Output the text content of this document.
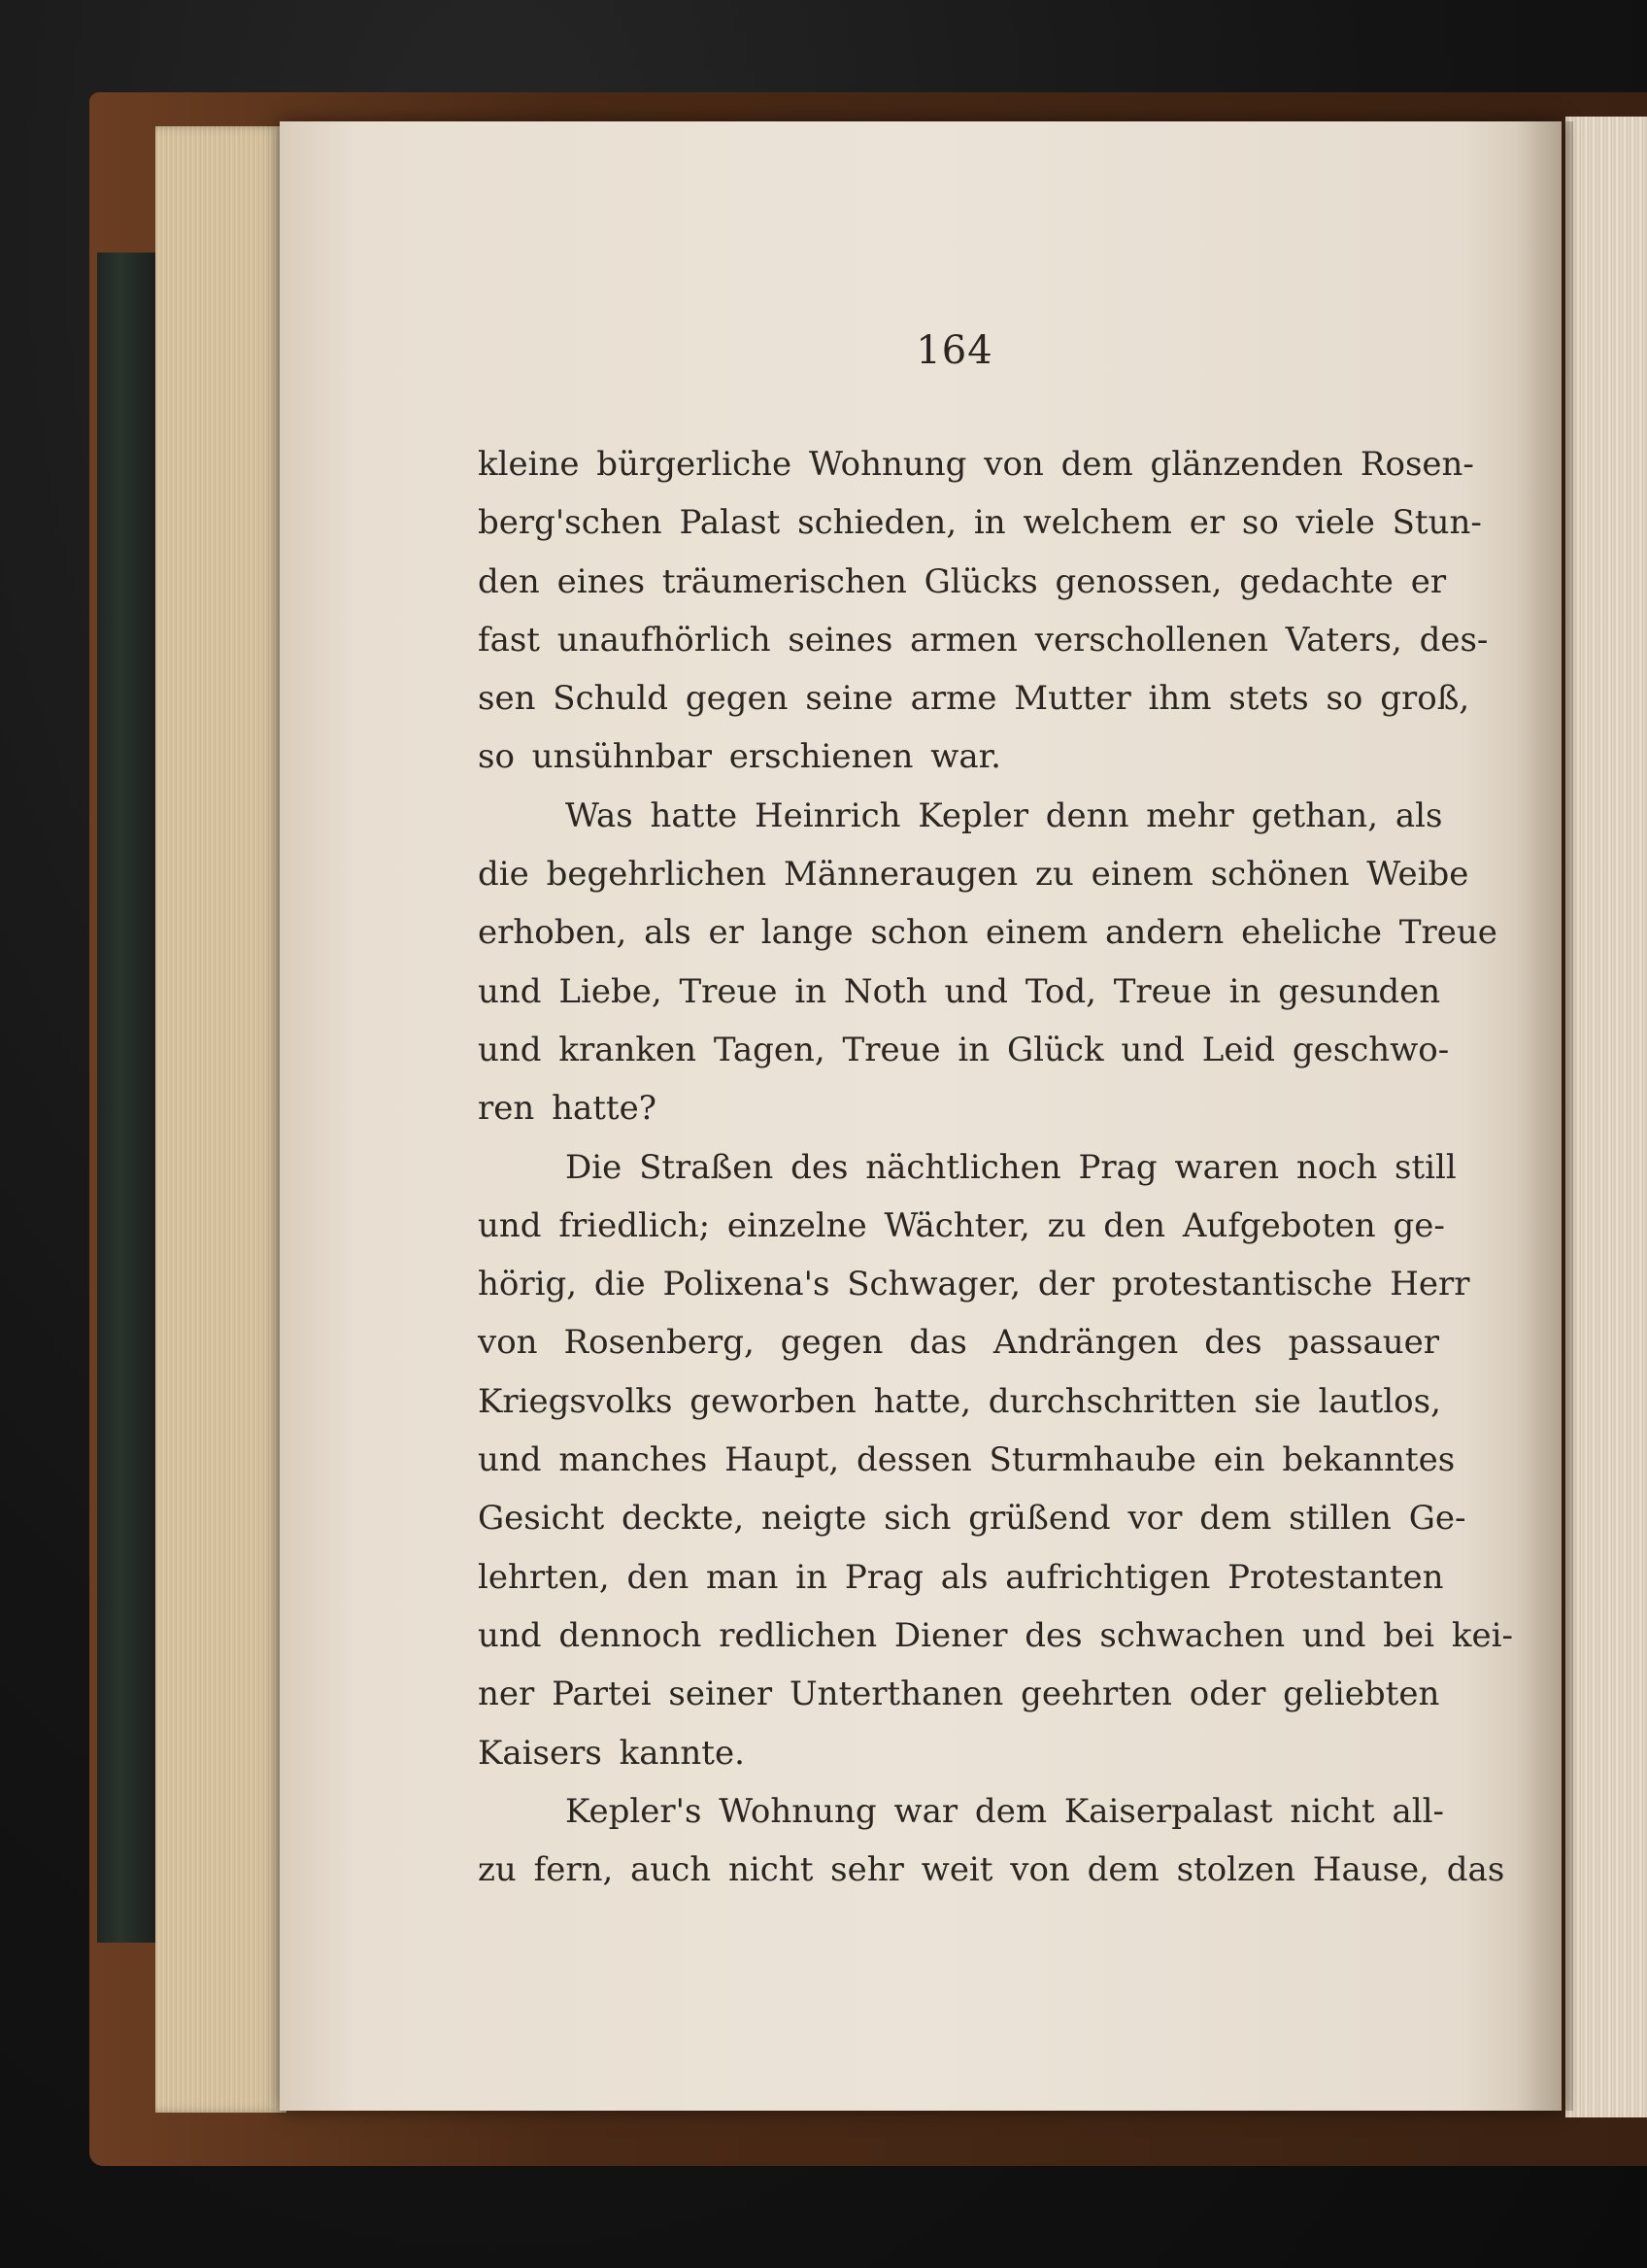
164
kleine bürgerliche Wohnung von dem glänzenden Rosen-
berg'schen Palast schieden, in welchem er so viele Stun-
den eines träumerischen Glücks genossen, gedachte er
fast unaufhörlich seines armen verschollenen Vaters, des-
sen Schuld gegen seine arme Mutter ihm stets so groß,
so unsühnbar erschienen war.
Was hatte Heinrich Kepler denn mehr gethan, als
die begehrlichen Männeraugen zu einem schönen Weibe
erhoben, als er lange schon einem andern eheliche Treue
und Liebe, Treue in Noth und Tod, Treue in gesunden
und kranken Tagen, Treue in Glück und Leid geschwo-
ren hatte?
Die Straßen des nächtlichen Prag waren noch still
und friedlich; einzelne Wächter, zu den Aufgeboten ge-
hörig, die Polixena's Schwager, der protestantische Herr
von Rosenberg, gegen das Andrängen des passauer
Kriegsvolks geworben hatte, durchschritten sie lautlos,
und manches Haupt, dessen Sturmhaube ein bekanntes
Gesicht deckte, neigte sich grüßend vor dem stillen Ge-
lehrten, den man in Prag als aufrichtigen Protestanten
und dennoch redlichen Diener des schwachen und bei kei-
ner Partei seiner Unterthanen geehrten oder geliebten
Kaisers kannte.
Kepler's Wohnung war dem Kaiserpalast nicht all-
zu fern, auch nicht sehr weit von dem stolzen Hause, das
